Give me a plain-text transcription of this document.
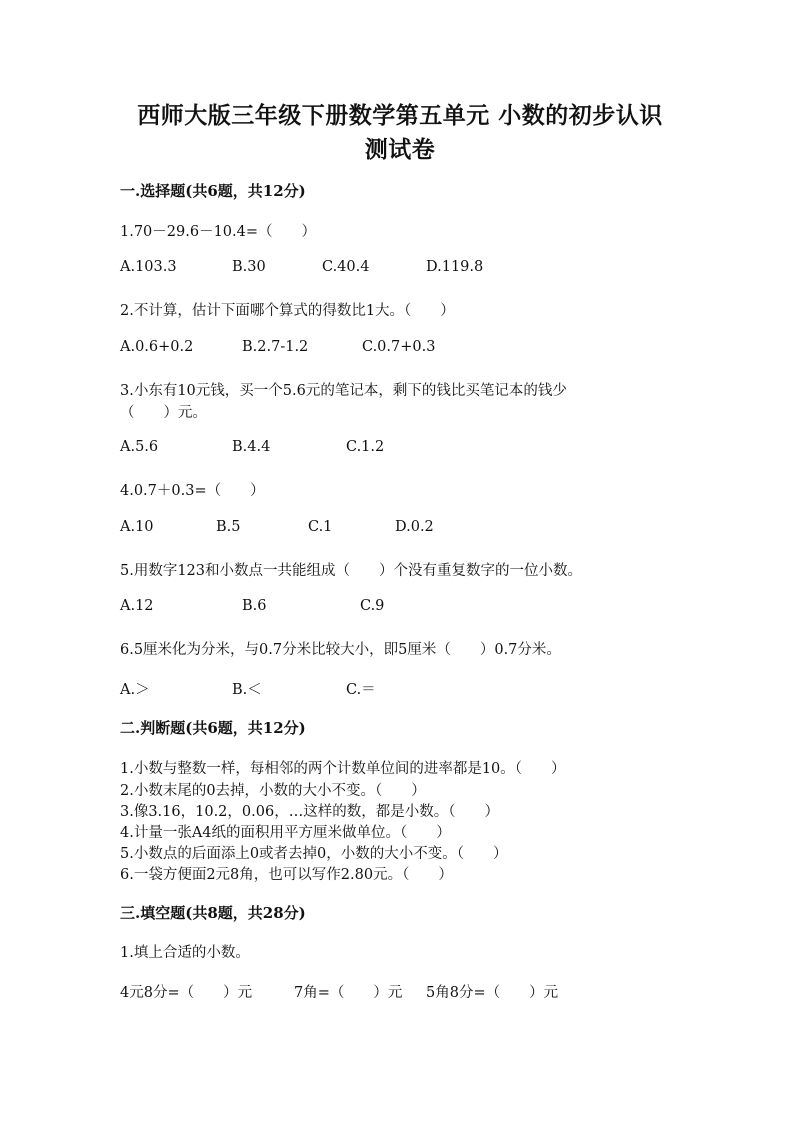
西师大版三年级下册数学第五单元 小数的初步认识
测试卷
一.选择题(共6题，共12分)
1.70－29.6－10.4=（　　）
A.103.3	B.30	C.40.4	D.119.8
2.不计算，估计下面哪个算式的得数比1大。（　　）
A.0.6+0.2	B.2.7-1.2	C.0.7+0.3
3.小东有10元钱，买一个5.6元的笔记本，剩下的钱比买笔记本的钱少
（　　）元。
A.5.6	B.4.4	C.1.2
4.0.7＋0.3=（　　）
A.10	B.5	C.1	D.0.2
5.用数字123和小数点一共能组成（　　）个没有重复数字的一位小数。
A.12	B.6	C.9
6.5厘米化为分米，与0.7分米比较大小，即5厘米（　　）0.7分米。
A.＞	B.＜	C.＝
二.判断题(共6题，共12分)
1.小数与整数一样，每相邻的两个计数单位间的进率都是10。（　　）
2.小数末尾的0去掉，小数的大小不变。（　　）
3.像3.16，10.2，0.06，…这样的数，都是小数。（　　）
4.计量一张A4纸的面积用平方厘米做单位。（　　）
5.小数点的后面添上0或者去掉0，小数的大小不变。（　　）
6.一袋方便面2元8角，也可以写作2.80元。（　　）
三.填空题(共8题，共28分)
1.填上合适的小数。
4元8分=（　　）元	7角=（　　）元 5角8分=（　　）元
